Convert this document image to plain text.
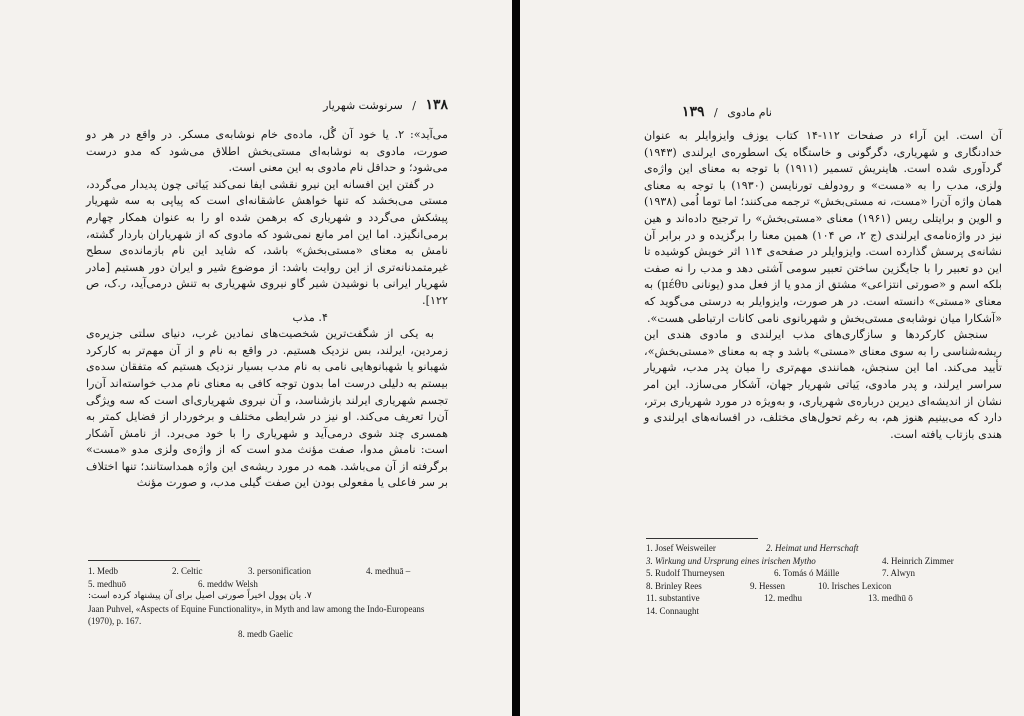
۱۳۸ / سرنوشت شهریار

می‌آید»: ۲. یا خود آن گُل، ماده‌ی خام نوشابه‌ی مسکر. در واقع در هر دو صورت، مادوی به نوشابه‌ای مستی‌بخش اطلاق می‌شود که مدو درست می‌شود؛ و حداقل نام مادوی به این معنی است.

در گفتن این افسانه این نیرو نقشی ایفا نمی‌کند یَیاتی چون پدیدار می‌گردد، مستی می‌بخشد که تنها خواهش عاشقانه‌ای است که پیاپی به سه شهریار پیشکش می‌گردد و شهریاری که برهمن شده او را به عنوان همکار چهارم برمی‌انگیزد. اما این امر مانع نمی‌شود که مادوی که از شهریاران باردار گشته، نامش به معنای «مستی‌بخش» باشد، که شاید این نام بازمانده‌ی سطح غیرمتمدنانه‌تری از این روایت باشد: از موضوع شیر و ایران دور هستیم [مادر شهریار ایرانی با نوشیدن شیر گاو نیروی شهریاری به تنش درمی‌آید، ر.ک، ص ۱۲۲].

۴. مذب

به یکی از شگفت‌ترین شخصیت‌های نمادین غرب، دنیای سلتی جزیره‌ی زمردین، ایرلند، بس نزدیک هستیم. در واقع به نام و از آن مهم‌تر به کارکرد شهبانو یا شهبانوهایی نامی به نام مدب بسیار نزدیک هستیم که متفقان سدەی بیستم به دلیلی درست اما بدون توجه کافی به معنای نام مدب خواسته‌اند آن‌را تجسم شهریاری ایرلند بازشناسد، و آن نیروی شهریاری‌ای است که سه ویژگی آن‌را تعریف می‌کند. او نیز در شرایطی مختلف و برخوردار از فضایل کمتر به همسری چند شوی درمی‌آید و شهریاری را با خود می‌برد. از نامش آشکار است: نامش مدوا، صفت مؤنث مدو است که از واژه‌ی ولزی مدو «مست» برگرفته از آن می‌باشد. همه در مورد ریشه‌ی این واژه همداستانند؛ تنها اختلاف بر سر فاعلی یا مفعولی بودن این صفت گیلی مدب، و صورت مؤنث

1. Medb	2. Celtic	3. personification	4. medhuā –
5. medhuō	6. meddw Welsh
۷. یان پوول اخیراً صورتی اصیل برای آن پیشنهاد کرده است:
Jaan Puhvel, «Aspects of Equine Functionality», in Myth and law among the Indo-Europeans (1970), p. 167.
8. medb Gaelic
نام مادوی / ۱۳۹

آن است. این آراء در صفحات ۱۱۲-۱۴ کتاب یوزف وایزوایلر به عنوان خدادنگاری و شهریاری، دگرگونی و خاستگاه یک اسطوره‌ی ایرلندی (۱۹۴۳) گردآوری شده است. هاینریش تسمیر (۱۹۱۱) با توجه به معنای این واژه‌ی ولزی، مدب را به «مست» و رودولف تورنایسن (۱۹۳۰) با توجه به معنای همان واژه آن‌را «مست، نه مستی‌بخش» ترجمه می‌کنند؛ اما توما اُمی (۱۹۳۸) و الوین و برایتلی ریس (۱۹۶۱) معنای «مستی‌بخش» را ترجیح داده‌اند و هین نیز در واژه‌نامه‌ی ایرلندی (ج ۲، ص ۱۰۴) همین معنا را برگزیده و در برابر آن نشانه‌ی پرسش گذارده است. وایزوایلر در صفحه‌ی ۱۱۴ اثر خویش کوشیده تا این دو تعبیر را با جایگزین ساختن تعبیر سومی آشتی دهد و مدب را نه صفت بلکه اسم و «صورتی انتزاعی» مشتق از مدو یا از فعل مدو (یونانی μέθυ) به معنای «مستی» دانسته است. در هر صورت، وایزوایلر به درستی می‌گوید که «آشکارا میان نوشابه‌ی مستی‌بخش و شهربانوی نامی کانات ارتباطی هست».

سنجش کارکردها و سازگاری‌های مذب ایرلندی و مادوی هندی این ریشه‌شناسی را به سوی معنای «مستی» باشد و چه به معنای «مستی‌بخش»، تأیید می‌کند. اما این سنجش، همانندی مهم‌تری را میان پدر مدب، شهریار سراسر ایرلند، و پدر مادوی، یَیاتی شهریار جهان، آشکار می‌سازد. این امر نشان از اندیشه‌ای دیرین درباره‌ی شهریاری، و به‌ویژه در مورد شهریاری برتر، دارد که می‌بینیم هنوز هم، به رغم تحول‌های مختلف، در افسانه‌های ایرلندی و هندی بازتاب یافته است.

1. Josef Weisweiler	2. Heimat und Herrschaft
3. Wirkung und Ursprung eines irischen Mytho	4. Heinrich Zimmer
5. Rudolf Thurneysen	6. Tomás ó Máille	7. Alwyn
8. Brinley Rees	9. Hessen	10. Irisches Lexicon
11. substantive	12. medhu	13. medhū ō
14. Connaught
